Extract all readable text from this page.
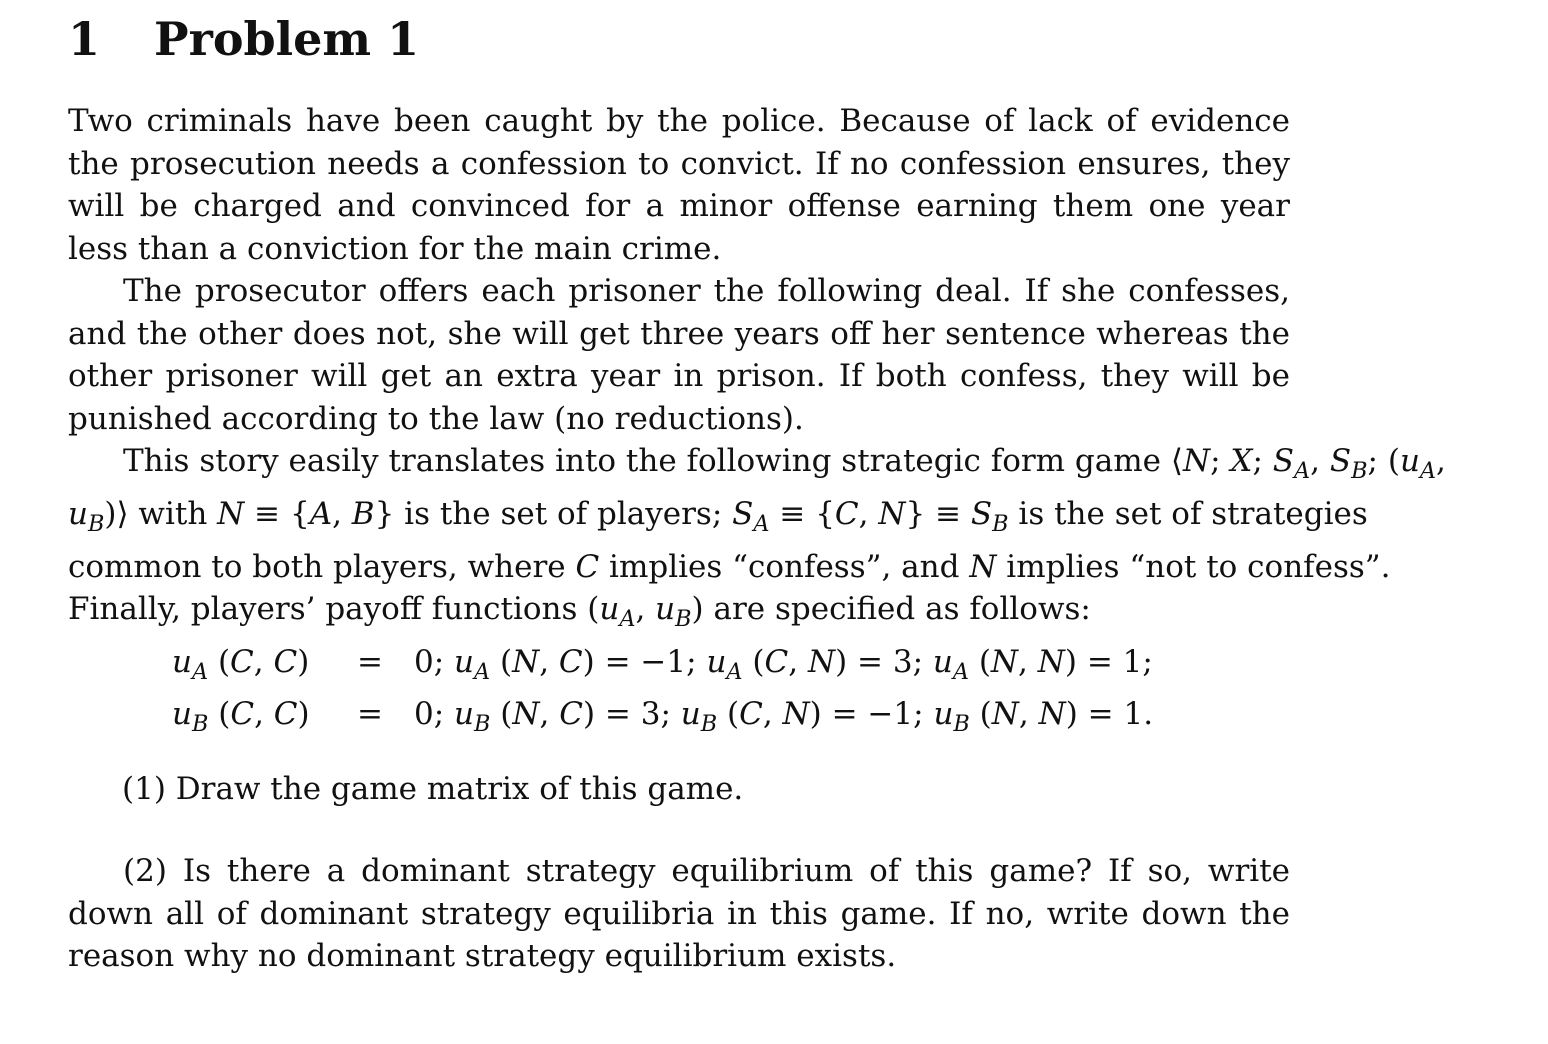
1 Problem 1

Two criminals have been caught by the police. Because of lack of evidence the prosecution needs a confession to convict. If no confession ensures, they will be charged and convinced for a minor offense earning them one year less than a conviction for the main crime.

The prosecutor offers each prisoner the following deal. If she confesses, and the other does not, she will get three years off her sentence whereas the other prisoner will get an extra year in prison. If both confess, they will be punished according to the law (no reductions).

This story easily translates into the following strategic form game ⟨N; X; $S_A$, $S_B$; ($u_A$, $u_B)⟩$ with N ≡ {A, B} is the set of players; $S_A \equiv \{C$, $N\} \equiv S_B$ is the set of strategies common to both players, where C implies “confess”, and N implies “not to confess”. Finally, players’ payoff functions ($u_A$, $u_B$) are specified as follows:

$u_A$ (C, C) = 0; $u_A$ (N, C) = −1; $u_A$ (C, N) = 3; $u_A$ (N, N) = 1;
$u_B$ (C, C) = 0; $u_B$ (N, C) = 3; $u_B$ (C, N) = −1; $u_B$ (N, N) = 1.
(1) Draw the game matrix of this game.

(2) Is there a dominant strategy equilibrium of this game? If so, write down all of dominant strategy equilibria in this game. If no, write down the reason why no dominant strategy equilibrium exists.
